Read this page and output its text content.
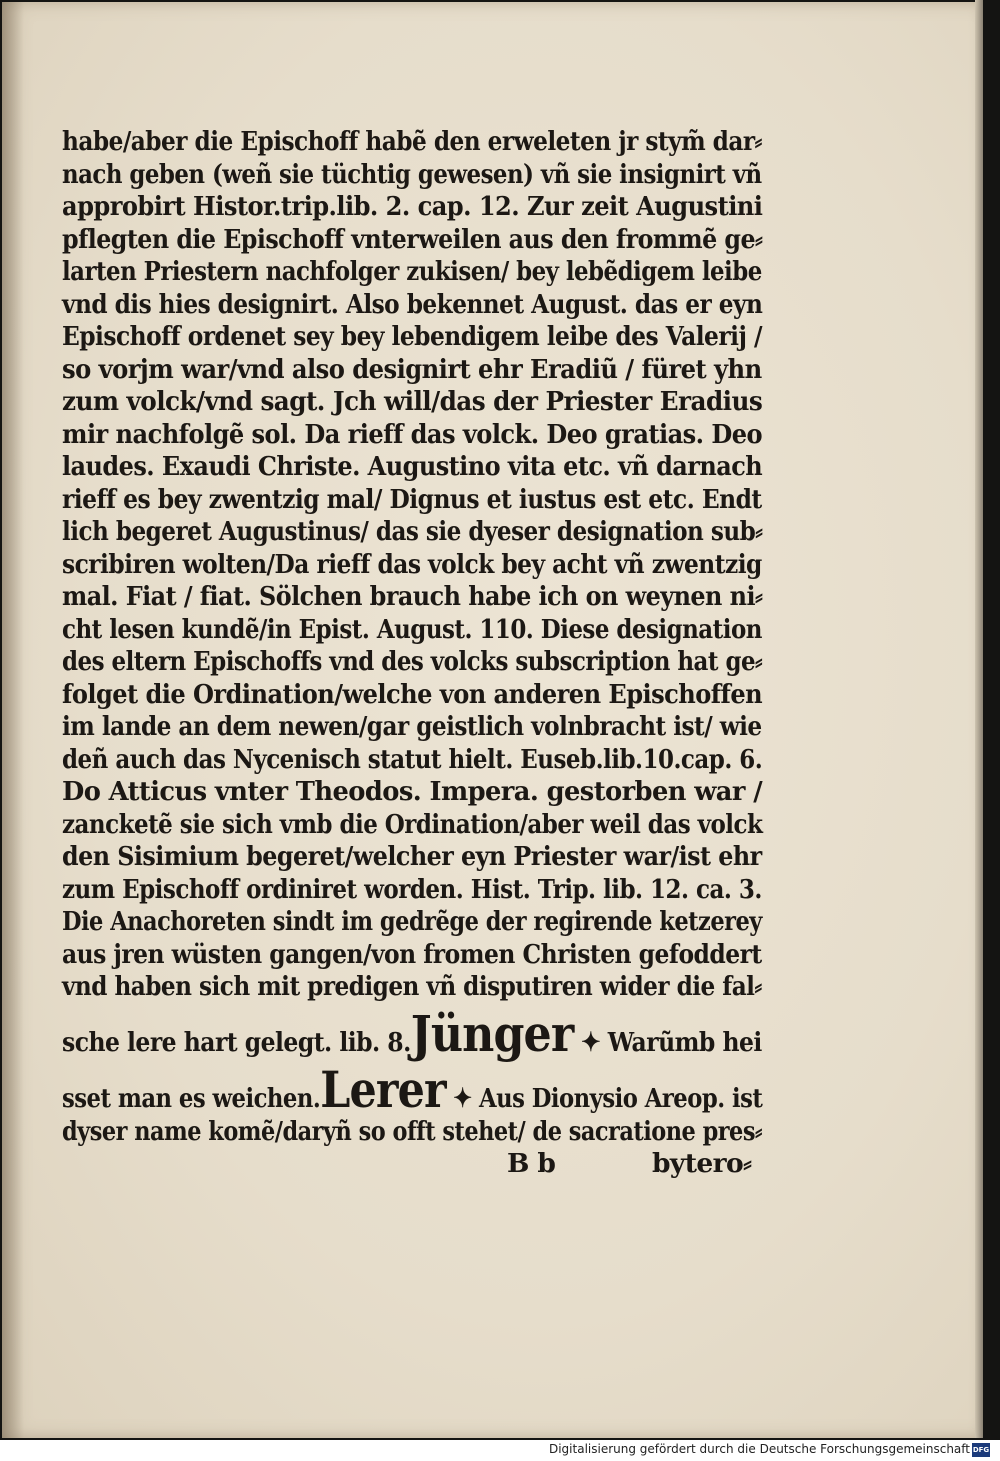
habe/aber die Epischoff habẽ den erweleten jr stym̃ dar⸗
nach geben (weñ sie tüchtig gewesen) vñ sie insignirt vñ
approbirt Histor.trip.lib. 2. cap. 12. Zur zeit Augustini
pflegten die Epischoff vnterweilen aus den frommẽ ge⸗
larten Priestern nachfolger zukisen/ bey lebẽdigem leibe
vnd dis hies designirt. Also bekennet August. das er eyn
Epischoff ordenet sey bey lebendigem leibe des Valerij /
so vorjm war/vnd also designirt ehr Eradiũ / füret yhn
zum volck/vnd sagt. Jch will/das der Priester Eradius
mir nachfolgẽ sol. Da rieff das volck. Deo gratias. Deo
laudes. Exaudi Christe. Augustino vita etc. vñ darnach
rieff es bey zwentzig mal/ Dignus et iustus est etc. Endt
lich begeret Augustinus/ das sie dyeser designation sub⸗
scribiren wolten/Da rieff das volck bey acht vñ zwentzig
mal. Fiat / fiat. Sölchen brauch habe ich on weynen ni⸗
cht lesen kundẽ/in Epist. August. 110. Diese designation
des eltern Epischoffs vnd des volcks subscription hat ge⸗
folget die Ordination/welche von anderen Epischoffen
im lande an dem newen/gar geistlich volnbracht ist/ wie
deñ auch das Nycenisch statut hielt. Euseb.lib.10.cap. 6.
Do Atticus vnter Theodos. Impera. gestorben war /
zancketẽ sie sich vmb die Ordination/aber weil das volck
den Sisimium begeret/welcher eyn Priester war/ist ehr
zum Epischoff ordiniret worden. Hist. Trip. lib. 12. ca. 3.
Die Anachoreten sindt im gedrẽge der regirende ketzerey
aus jren wüsten gangen/von fromen Christen gefoddert
vnd haben sich mit predigen vñ disputiren wider die fal⸗
sche lere hart gelegt. lib. 8.Jünger ✦ Warũmb hei
sset man es weichen.Lerer ✦ Aus Dionysio Areop. ist
dyser name komẽ/daryñ so offt stehet/ de sacratione pres⸗
B b	bytero⸗
Digitalisierung gefördert durch die Deutsche Forschungsgemeinschaft DFG
